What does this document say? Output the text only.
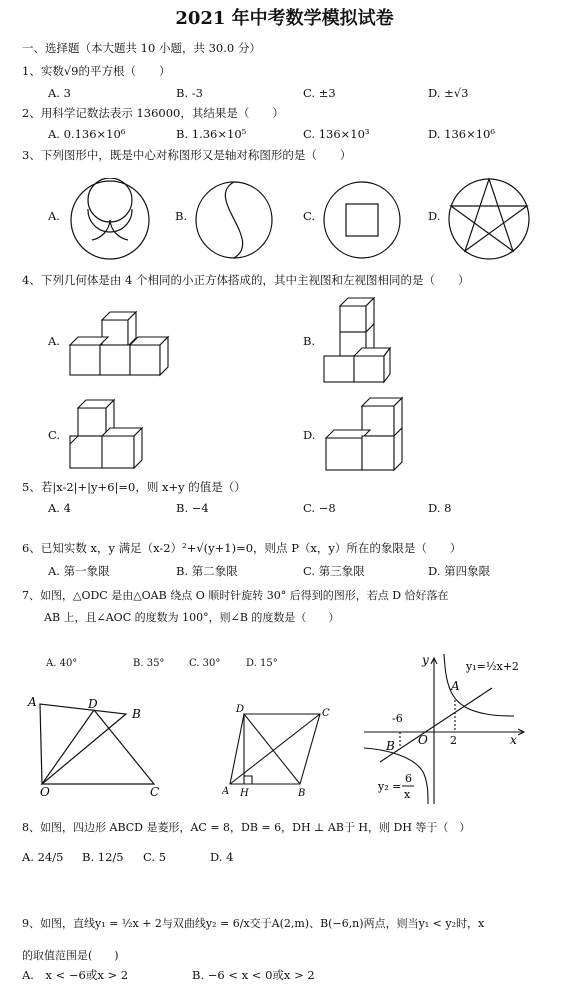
2021 年中考数学模拟试卷
一、选择题（本大题共 10 小题，共 30.0 分）
1、实数√9的平方根（　　）
A. 3	B. -3	C. ±3	D. ±√3
2、用科学记数法表示 136000，其结果是（　　）
A. 0.136×10⁶	B. 1.36×10⁵	C. 136×10³	D. 136×10⁶
3、下列图形中，既是中心对称图形又是轴对称图形的是（　　）
A.	B.	C.	D.
4、下列几何体是由 4 个相同的小正方体搭成的，其中主视图和左视图相同的是（　　）
A.	B.
C.	D.
5、若|x-2|+|y+6|=0，则 x+y 的值是（）
A. 4	B. −4	C. −8	D. 8
6、已知实数 x，y 满足（x-2）²+√(y+1)=0，则点 P（x，y）所在的象限是（　　）
A. 第一象限	B. 第二象限	C. 第三象限	D. 第四象限
7、如图，△ODC 是由△OAB 绕点 O 顺时针旋转 30° 后得到的图形，若点 D 恰好落在
AB 上，且∠AOC 的度数为 100°，则∠B 的度数是（　　）
A. 40°	B. 35° C. 30°	D. 15°
A	D
B
O	C
D	C
A H	B
y
x
O
A
B
-6
2
y₁=½x+2
y₂ =
6
x
8、如图，四边形 ABCD 是菱形，AC = 8，DB = 6，DH ⊥ AB于 H，则 DH 等于（　）
A. 24/5 B. 12/5 C. 5	D. 4
9、如图，直线y₁ = ½x + 2与双曲线y₂ = 6/x交于A(2,m)、B(−6,n)两点，则当y₁ < y₂时，x
的取值范围是(　　)
A.　x < −6或x > 2	B. −6 < x < 0或x > 2
